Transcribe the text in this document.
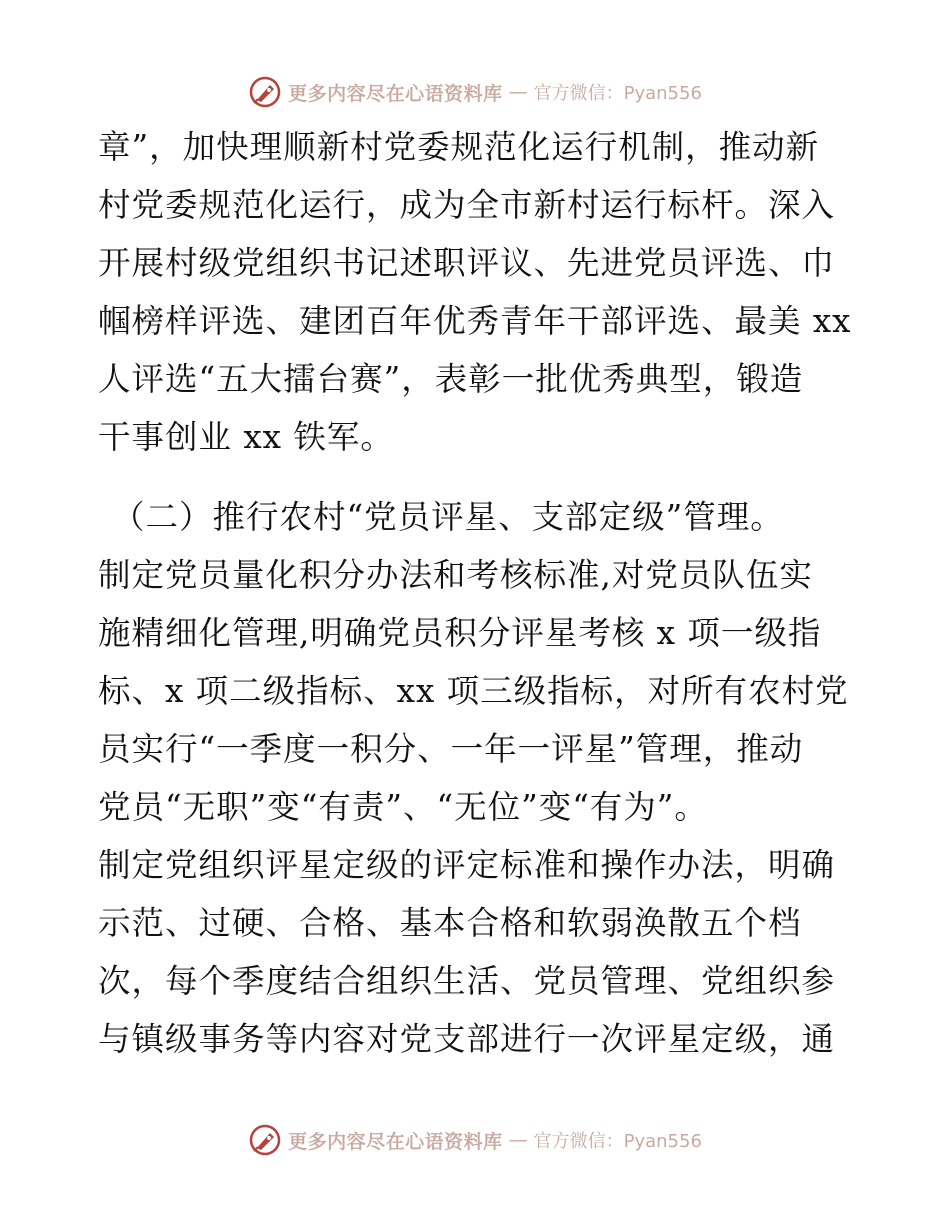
更多内容尽在心语资料库 — 官方微信：Pyan556
章”，加快理顺新村党委规范化运行机制，推动新
村党委规范化运行，成为全市新村运行标杆。深入
开展村级党组织书记述职评议、先进党员评选、巾
帼榜样评选、建团百年优秀青年干部评选、最美 xx
人评选“五大擂台赛”，表彰一批优秀典型，锻造
干事创业 xx 铁军。
（二）推行农村“党员评星、支部定级”管理。
制定党员量化积分办法和考核标准,对党员队伍实
施精细化管理,明确党员积分评星考核 x 项一级指
标、x 项二级指标、xx 项三级指标，对所有农村党
员实行“一季度一积分、一年一评星”管理，推动
党员“无职”变“有责”、“无位”变“有为”。
制定党组织评星定级的评定标准和操作办法，明确
示范、过硬、合格、基本合格和软弱涣散五个档
次，每个季度结合组织生活、党员管理、党组织参
与镇级事务等内容对党支部进行一次评星定级，通
更多内容尽在心语资料库 — 官方微信：Pyan556
